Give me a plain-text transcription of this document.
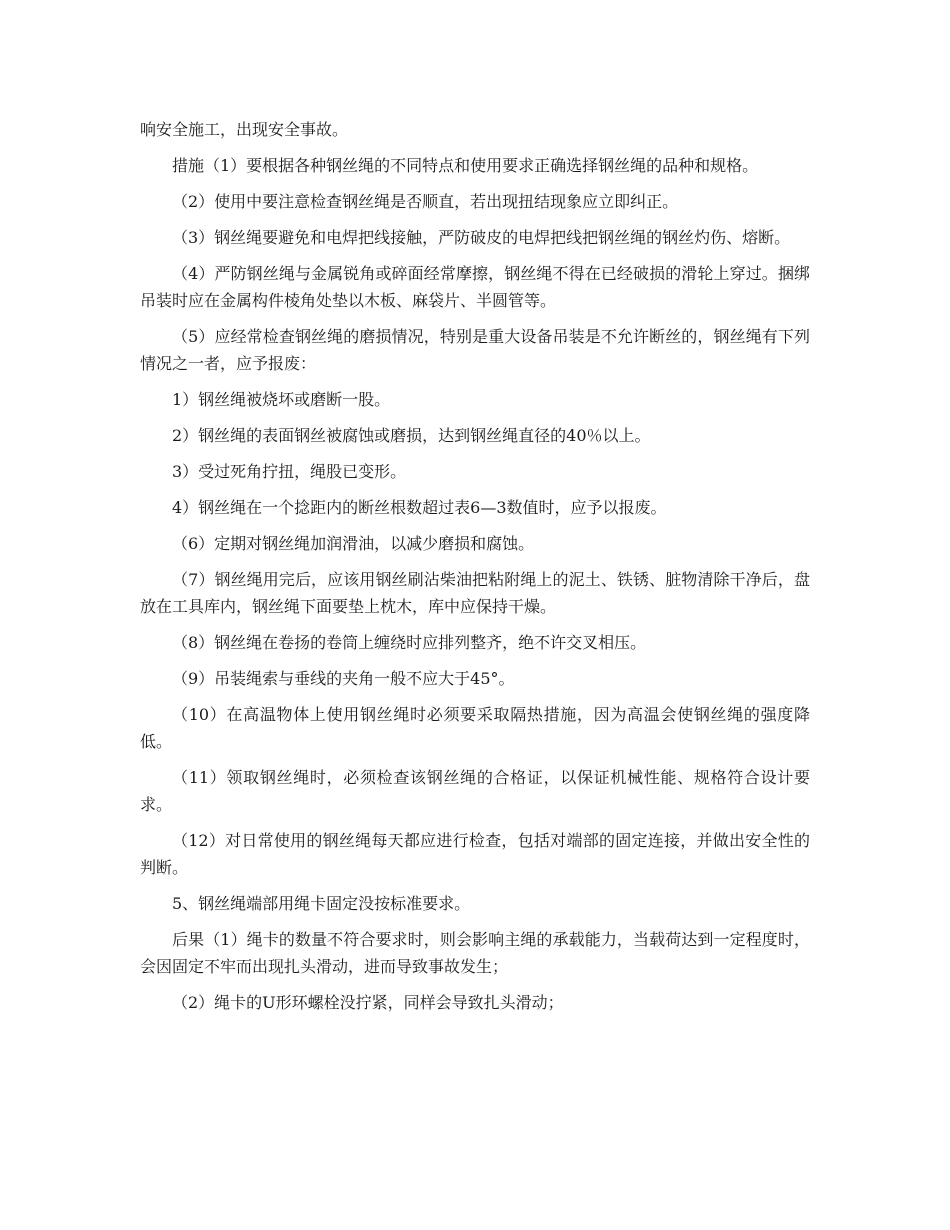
响安全施工，出现安全事故。

措施（1）要根据各种钢丝绳的不同特点和使用要求正确选择钢丝绳的品种和规格。

（2）使用中要注意检查钢丝绳是否顺直，若出现扭结现象应立即纠正。

（3）钢丝绳要避免和电焊把线接触，严防破皮的电焊把线把钢丝绳的钢丝灼伤、熔断。

（4）严防钢丝绳与金属锐角或碎面经常摩擦，钢丝绳不得在已经破损的滑轮上穿过。捆绑吊装时应在金属构件棱角处垫以木板、麻袋片、半圆管等。

（5）应经常检查钢丝绳的磨损情况，特别是重大设备吊装是不允许断丝的，钢丝绳有下列情况之一者，应予报废：

1）钢丝绳被烧坏或磨断一股。

2）钢丝绳的表面钢丝被腐蚀或磨损，达到钢丝绳直径的40％以上。

3）受过死角拧扭，绳股已变形。

4）钢丝绳在一个捻距内的断丝根数超过表6—3数值时，应予以报废。

（6）定期对钢丝绳加润滑油，以减少磨损和腐蚀。

（7）钢丝绳用完后，应该用钢丝刷沾柴油把粘附绳上的泥土、铁锈、脏物清除干净后，盘放在工具库内，钢丝绳下面要垫上枕木，库中应保持干燥。

（8）钢丝绳在卷扬的卷筒上缠绕时应排列整齐，绝不许交叉相压。

（9）吊装绳索与垂线的夹角一般不应大于45°。

（10）在高温物体上使用钢丝绳时必须要采取隔热措施，因为高温会使钢丝绳的强度降低。

（11）领取钢丝绳时，必须检查该钢丝绳的合格证，以保证机械性能、规格符合设计要求。

（12）对日常使用的钢丝绳每天都应进行检查，包括对端部的固定连接，并做出安全性的判断。

5、钢丝绳端部用绳卡固定没按标准要求。

后果（1）绳卡的数量不符合要求时，则会影响主绳的承载能力，当载荷达到一定程度时，会因固定不牢而出现扎头滑动，进而导致事故发生；

（2）绳卡的U形环螺栓没拧紧，同样会导致扎头滑动；
